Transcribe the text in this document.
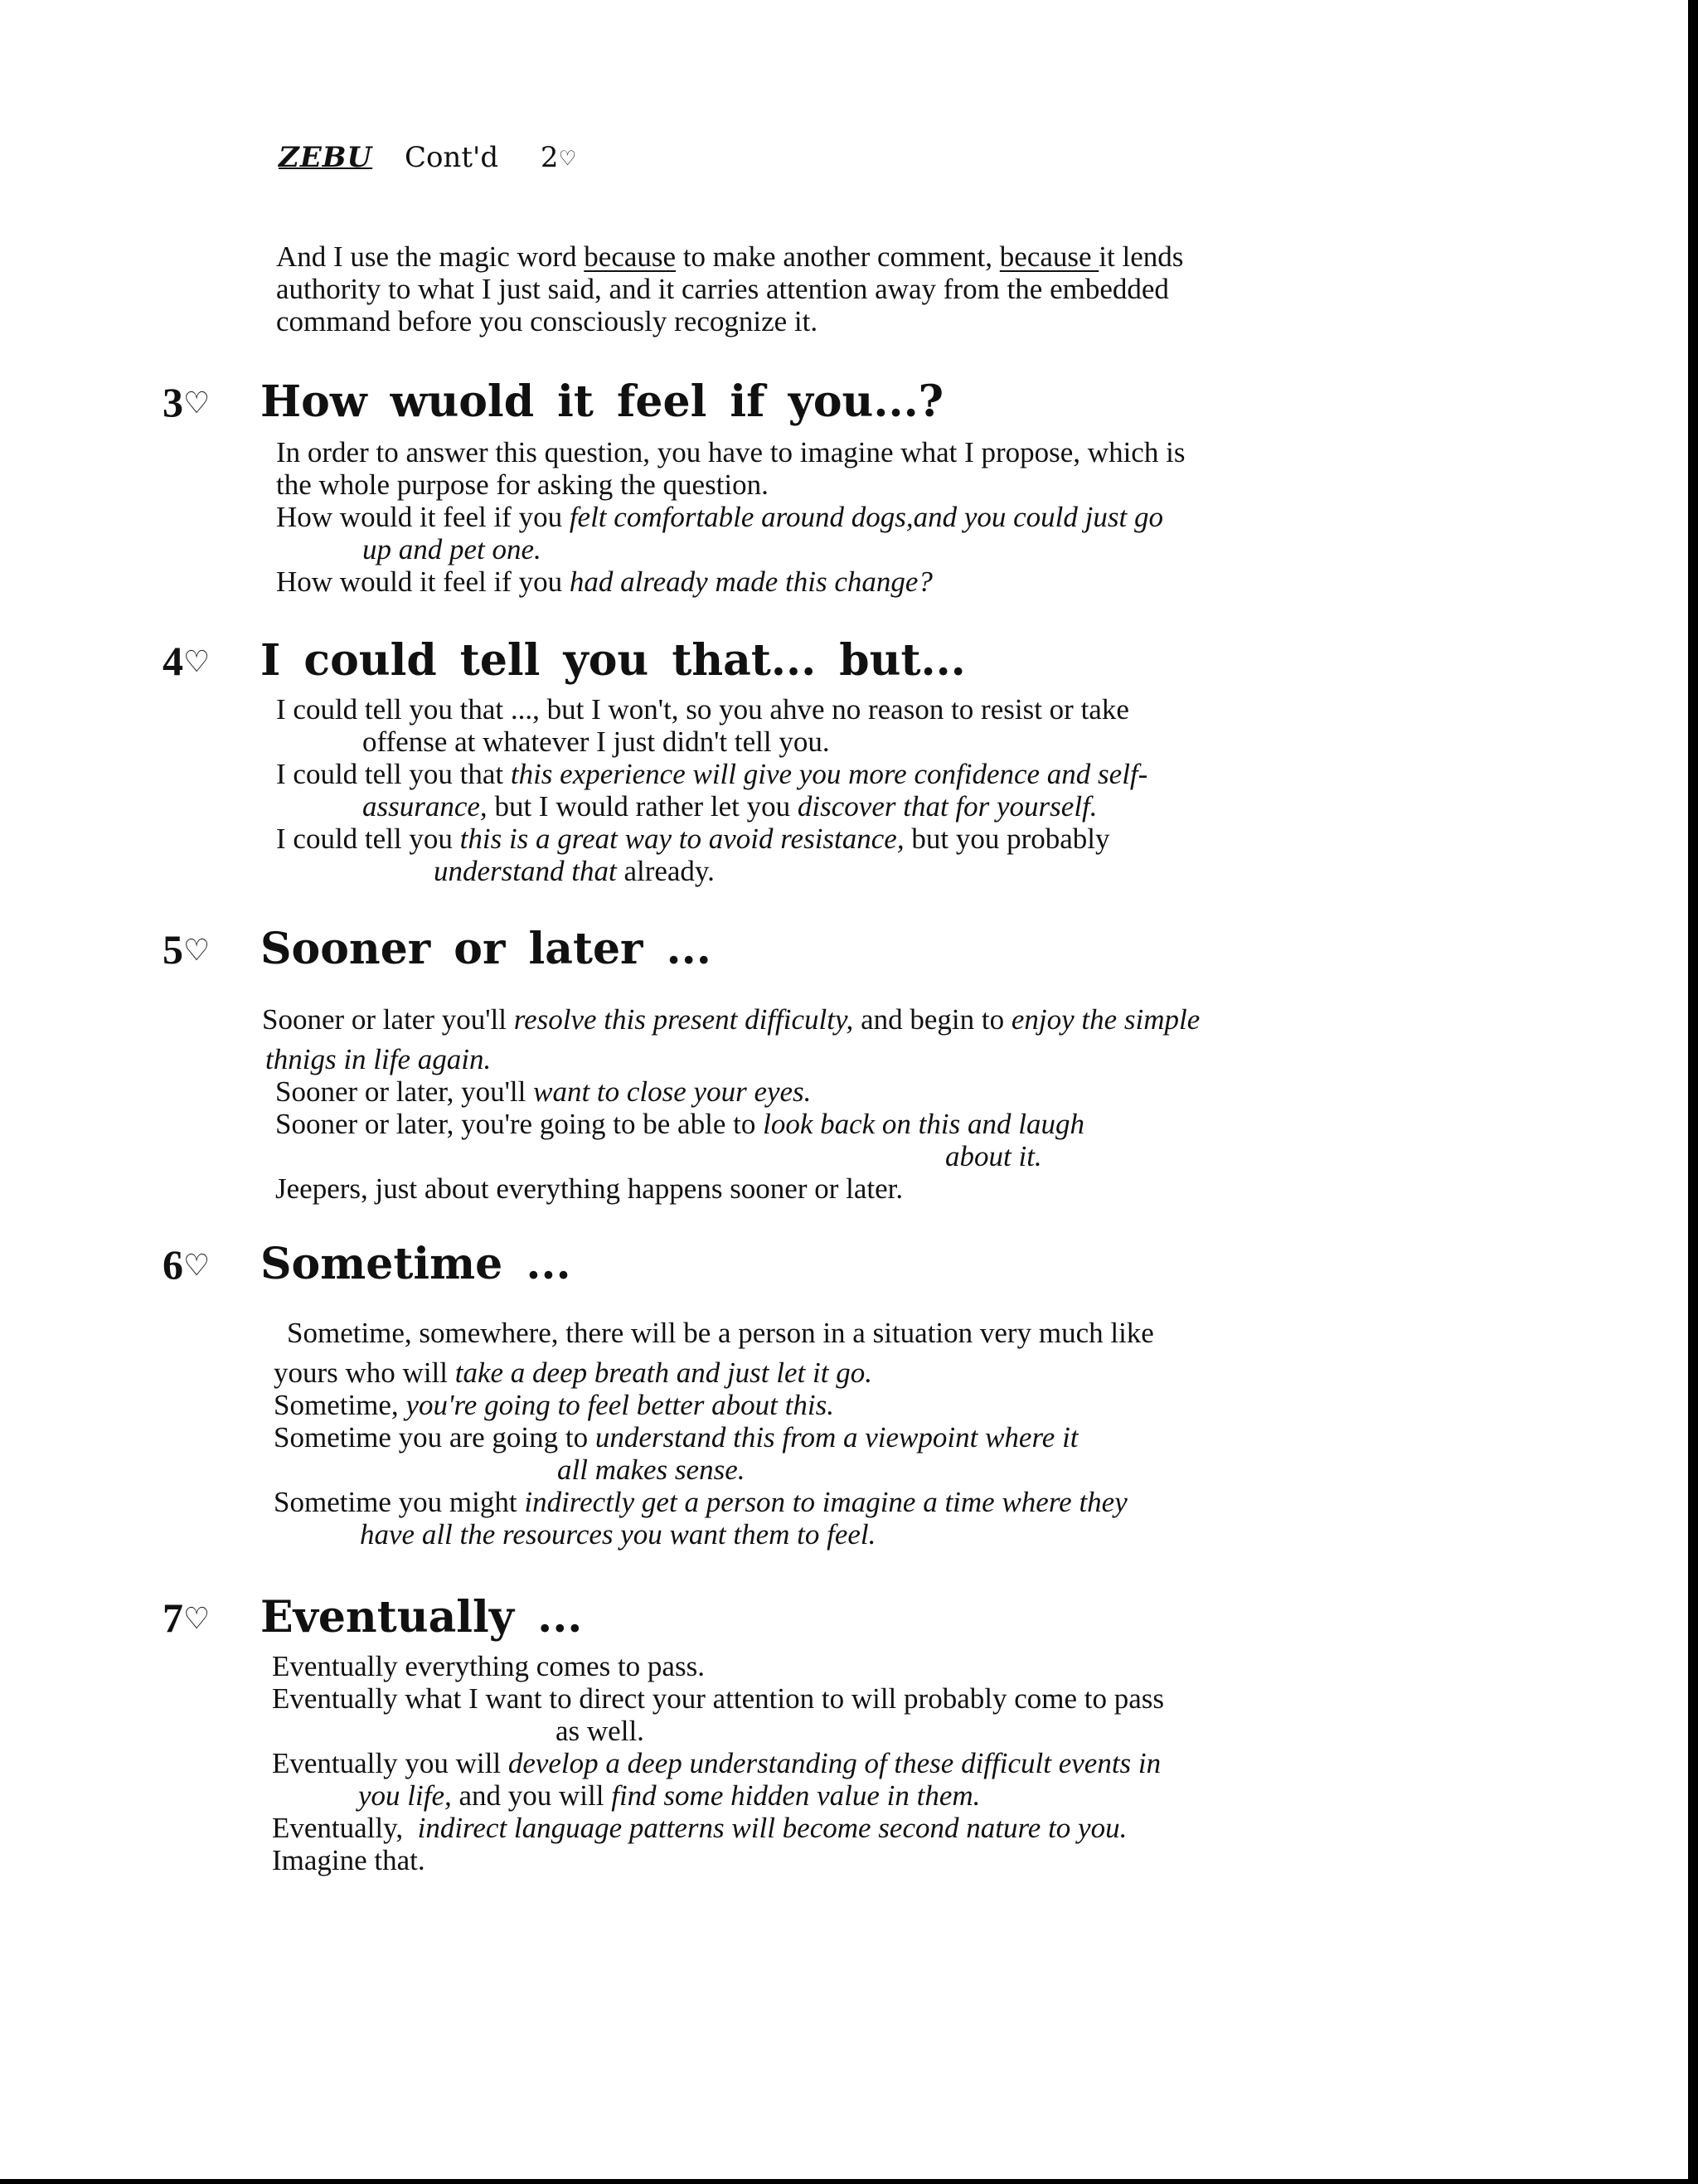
ZEBU Cont'd 2♡
And I use the magic word because to make another comment, because it lends
authority to what I just said, and it carries attention away from the embedded
command before you consciously recognize it.
3♡ How wuold it feel if you...?
In order to answer this question, you have to imagine what I propose, which is
the whole purpose for asking the question.
How would it feel if you felt comfortable around dogs,and you could just go
up and pet one.
How would it feel if you had already made this change?
4♡ I could tell you that... but...
I could tell you that ..., but I won't, so you ahve no reason to resist or take
offense at whatever I just didn't tell you.
I could tell you that this experience will give you more confidence and self-
assurance, but I would rather let you discover that for yourself.
I could tell you this is a great way to avoid resistance, but you probably
understand that already.
5♡ Sooner or later ...
Sooner or later you'll resolve this present difficulty, and begin to enjoy the simple
thnigs in life again.
Sooner or later, you'll want to close your eyes.
Sooner or later, you're going to be able to look back on this and laugh
about it.
Jeepers, just about everything happens sooner or later.
6♡ Sometime ...
Sometime, somewhere, there will be a person in a situation very much like
yours who will take a deep breath and just let it go.
Sometime, you're going to feel better about this.
Sometime you are going to understand this from a viewpoint where it
all makes sense.
Sometime you might indirectly get a person to imagine a time where they
have all the resources you want them to feel.
7♡ Eventually ...
Eventually everything comes to pass.
Eventually what I want to direct your attention to will probably come to pass
as well.
Eventually you will develop a deep understanding of these difficult events in
you life, and you will find some hidden value in them.
Eventually,  indirect language patterns will become second nature to you.
Imagine that.
